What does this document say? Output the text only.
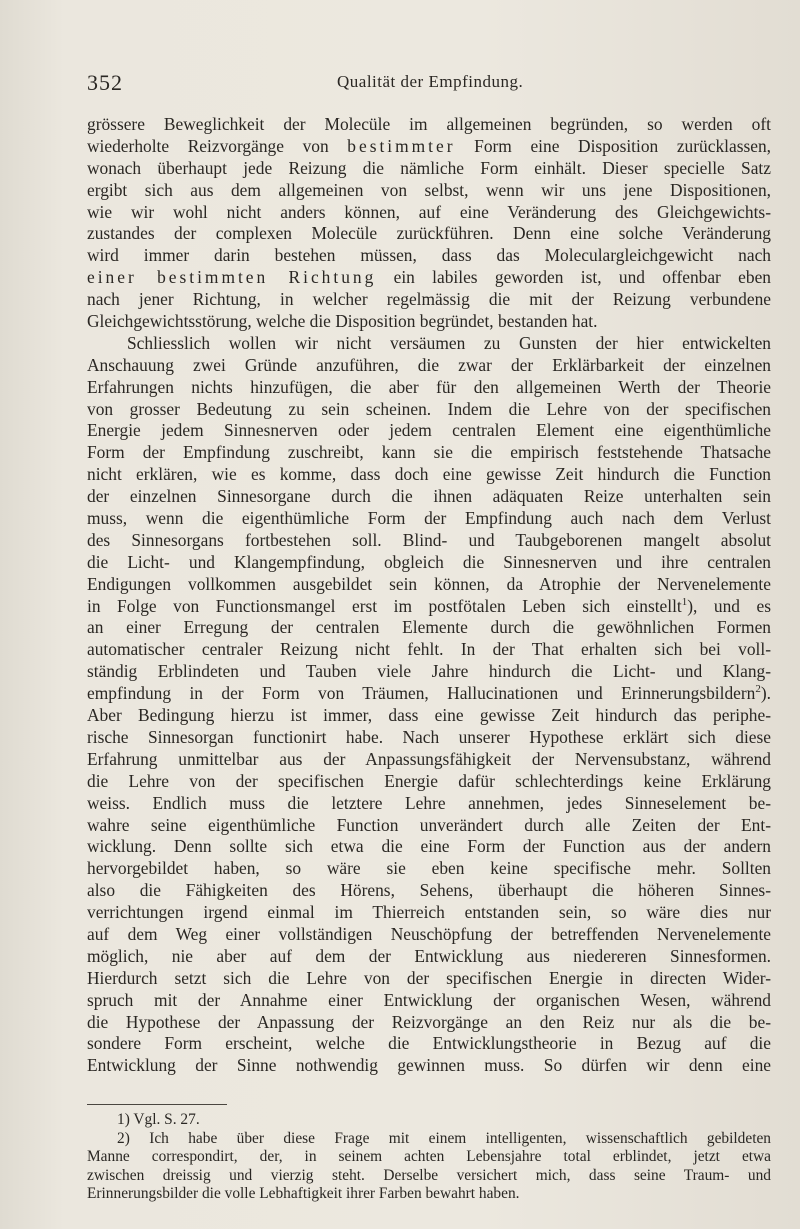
352	Qualität der Empfindung.
grössere Beweglichkeit der Molecüle im allgemeinen begründen, so werden oft
wiederholte Reizvorgänge von bestimmter Form eine Disposition zurücklassen,
wonach überhaupt jede Reizung die nämliche Form einhält. Dieser specielle Satz
ergibt sich aus dem allgemeinen von selbst, wenn wir uns jene Dispositionen,
wie wir wohl nicht anders können, auf eine Veränderung des Gleichgewichts-
zustandes der complexen Molecüle zurückführen. Denn eine solche Veränderung
wird immer darin bestehen müssen, dass das Moleculargleichgewicht nach
einer bestimmten Richtung ein labiles geworden ist, und offenbar eben
nach jener Richtung, in welcher regelmässig die mit der Reizung verbundene
Gleichgewichtsstörung, welche die Disposition begründet, bestanden hat.
Schliesslich wollen wir nicht versäumen zu Gunsten der hier entwickelten
Anschauung zwei Gründe anzuführen, die zwar der Erklärbarkeit der einzelnen
Erfahrungen nichts hinzufügen, die aber für den allgemeinen Werth der Theorie
von grosser Bedeutung zu sein scheinen. Indem die Lehre von der specifischen
Energie jedem Sinnesnerven oder jedem centralen Element eine eigenthümliche
Form der Empfindung zuschreibt, kann sie die empirisch feststehende Thatsache
nicht erklären, wie es komme, dass doch eine gewisse Zeit hindurch die Function
der einzelnen Sinnesorgane durch die ihnen adäquaten Reize unterhalten sein
muss, wenn die eigenthümliche Form der Empfindung auch nach dem Verlust
des Sinnesorgans fortbestehen soll. Blind- und Taubgeborenen mangelt absolut
die Licht- und Klangempfindung, obgleich die Sinnesnerven und ihre centralen
Endigungen vollkommen ausgebildet sein können, da Atrophie der Nervenelemente
in Folge von Functionsmangel erst im postfötalen Leben sich einstellt$^1$), und es
an einer Erregung der centralen Elemente durch die gewöhnlichen Formen
automatischer centraler Reizung nicht fehlt. In der That erhalten sich bei voll-
ständig Erblindeten und Tauben viele Jahre hindurch die Licht- und Klang-
empfindung in der Form von Träumen, Hallucinationen und Erinnerungsbildern$^2$).
Aber Bedingung hierzu ist immer, dass eine gewisse Zeit hindurch das periphe-
rische Sinnesorgan functionirt habe. Nach unserer Hypothese erklärt sich diese
Erfahrung unmittelbar aus der Anpassungsfähigkeit der Nervensubstanz, während
die Lehre von der specifischen Energie dafür schlechterdings keine Erklärung
weiss. Endlich muss die letztere Lehre annehmen, jedes Sinneselement be-
wahre seine eigenthümliche Function unverändert durch alle Zeiten der Ent-
wicklung. Denn sollte sich etwa die eine Form der Function aus der andern
hervorgebildet haben, so wäre sie eben keine specifische mehr. Sollten
also die Fähigkeiten des Hörens, Sehens, überhaupt die höheren Sinnes-
verrichtungen irgend einmal im Thierreich entstanden sein, so wäre dies nur
auf dem Weg einer vollständigen Neuschöpfung der betreffenden Nervenelemente
möglich, nie aber auf dem der Entwicklung aus niedereren Sinnesformen.
Hierdurch setzt sich die Lehre von der specifischen Energie in directen Wider-
spruch mit der Annahme einer Entwicklung der organischen Wesen, während
die Hypothese der Anpassung der Reizvorgänge an den Reiz nur als die be-
sondere Form erscheint, welche die Entwicklungstheorie in Bezug auf die
Entwicklung der Sinne nothwendig gewinnen muss. So dürfen wir denn eine
1) Vgl. S. 27.
2) Ich habe über diese Frage mit einem intelligenten, wissenschaftlich gebildeten
Manne correspondirt, der, in seinem achten Lebensjahre total erblindet, jetzt etwa
zwischen dreissig und vierzig steht. Derselbe versichert mich, dass seine Traum- und
Erinnerungsbilder die volle Lebhaftigkeit ihrer Farben bewahrt haben.
